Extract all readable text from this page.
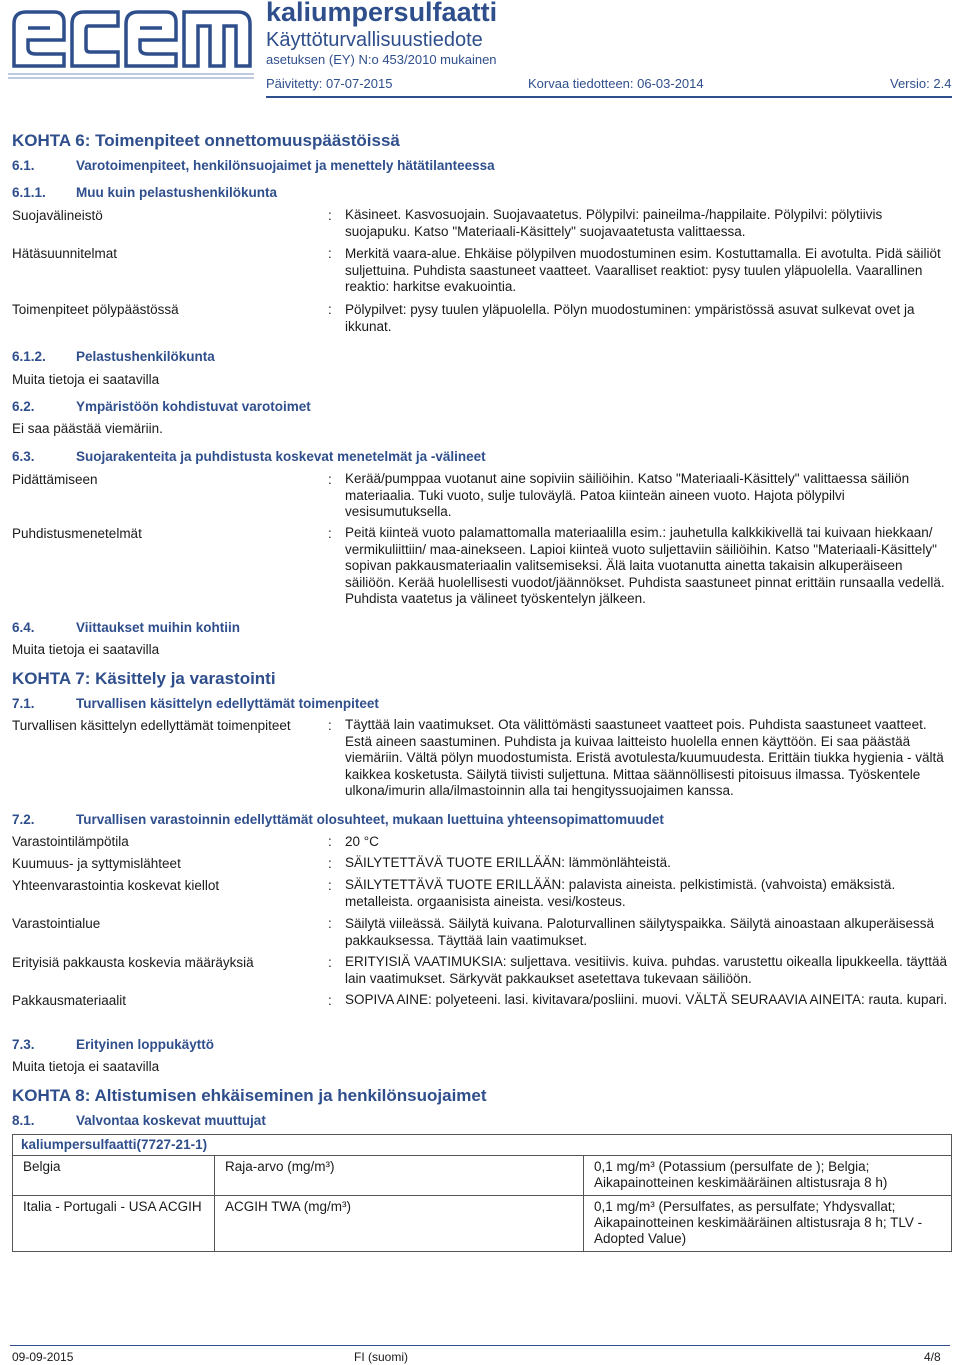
kaliumpersulfaatti
Käyttöturvallisuustiedote
asetuksen (EY) N:o 453/2010 mukainen
Päivitetty: 07-07-2015	Korvaa tiedotteen: 06-03-2014	Versio: 2.4
KOHTA 6: Toimenpiteet onnettomuuspäästöissä
6.1.	Varotoimenpiteet, henkilönsuojaimet ja menettely hätätilanteessa
6.1.1. Muu kuin pelastushenkilökunta
Suojavälineistö	: Käsineet. Kasvosuojain. Suojavaatetus. Pölypilvi: paineilma-/happilaite. Pölypilvi: pölytiivis suojapuku. Katso "Materiaali-Käsittely" suojavaatetusta valittaessa.
Hätäsuunnitelmat	: Merkitä vaara-alue. Ehkäise pölypilven muodostuminen esim. Kostuttamalla. Ei avotulta. Pidä säiliöt suljettuina. Puhdista saastuneet vaatteet. Vaaralliset reaktiot: pysy tuulen yläpuolella. Vaarallinen reaktio: harkitse evakuointia.
Toimenpiteet pölypäästössä	: Pölypilvet: pysy tuulen yläpuolella. Pölyn muodostuminen: ympäristössä asuvat sulkevat ovet ja ikkunat.
6.1.2. Pelastushenkilökunta
Muita tietoja ei saatavilla
6.2.	Ympäristöön kohdistuvat varotoimet
Ei saa päästää viemäriin.
6.3.	Suojarakenteita ja puhdistusta koskevat menetelmät ja -välineet
Pidättämiseen	: Kerää/pumppaa vuotanut aine sopiviin säiliöihin. Katso "Materiaali-Käsittely" valittaessa säiliön materiaalia. Tuki vuoto, sulje tuloväylä. Patoa kiinteän aineen vuoto. Hajota pölypilvi vesisumutuksella.
Puhdistusmenetelmät	: Peitä kiinteä vuoto palamattomalla materiaalilla esim.: jauhetulla kalkkikivellä tai kuivaan hiekkaan/ vermikuliittiin/ maa-ainekseen. Lapioi kiinteä vuoto suljettaviin säiliöihin. Katso "Materiaali-Käsittely" sopivan pakkausmateriaalin valitsemiseksi. Älä laita vuotanutta ainetta takaisin alkuperäiseen säiliöön. Kerää huolellisesti vuodot/jäännökset. Puhdista saastuneet pinnat erittäin runsaalla vedellä. Puhdista vaatetus ja välineet työskentelyn jälkeen.
6.4.	Viittaukset muihin kohtiin
Muita tietoja ei saatavilla
KOHTA 7: Käsittely ja varastointi
7.1.	Turvallisen käsittelyn edellyttämät toimenpiteet
Turvallisen käsittelyn edellyttämät toimenpiteet	: Täyttää lain vaatimukset. Ota välittömästi saastuneet vaatteet pois. Puhdista saastuneet vaatteet. Estä aineen saastuminen. Puhdista ja kuivaa laitteisto huolella ennen käyttöön. Ei saa päästää viemäriin. Vältä pölyn muodostumista. Eristä avotulesta/kuumuudesta. Erittäin tiukka hygienia - vältä kaikkea kosketusta. Säilytä tiivisti suljettuna. Mittaa säännöllisesti pitoisuus ilmassa. Työskentele ulkona/imurin alla/ilmastoinnin alla tai hengityssuojaimen kanssa.
7.2.	Turvallisen varastoinnin edellyttämät olosuhteet, mukaan luettuina yhteensopimattomuudet
Varastointilämpötila	: 20 °C
Kuumuus- ja syttymislähteet	: SÄILYTETTÄVÄ TUOTE ERILLÄÄN: lämmönlähteistä.
Yhteenvarastointia koskevat kiellot	: SÄILYTETTÄVÄ TUOTE ERILLÄÄN: palavista aineista. pelkistimistä. (vahvoista) emäksistä. metalleista. orgaanisista aineista. vesi/kosteus.
Varastointialue	: Säilytä viileässä. Säilytä kuivana. Paloturvallinen säilytyspaikka. Säilytä ainoastaan alkuperäisessä pakkauksessa. Täyttää lain vaatimukset.
Erityisiä pakkausta koskevia määräyksiä	: ERITYISIÄ VAATIMUKSIA: suljettava. vesitiivis. kuiva. puhdas. varustettu oikealla lipukkeella. täyttää lain vaatimukset. Särkyvät pakkaukset asetettava tukevaan säiliöön.
Pakkausmateriaalit	: SOPIVA AINE: polyeteeni. lasi. kivitavara/posliini. muovi. VÄLTÄ SEURAAVIA AINEITA: rauta. kupari.
7.3.	Erityinen loppukäyttö
Muita tietoja ei saatavilla
KOHTA 8: Altistumisen ehkäiseminen ja henkilönsuojaimet
8.1.	Valvontaa koskevat muuttujat
kaliumpersulfaatti(7727-21-1)		
Belgia	Raja-arvo (mg/m³)	0,1 mg/m³ (Potassium (persulfate de ); Belgia; Aikapainotteinen keskimääräinen altistusraja 8 h)
Italia - Portugali - USA ACGIH	ACGIH TWA (mg/m³)	0,1 mg/m³ (Persulfates, as persulfate; Yhdysvallat; Aikapainotteinen keskimääräinen altistusraja 8 h; TLV - Adopted Value)
09-09-2015	FI (suomi)	4/8
